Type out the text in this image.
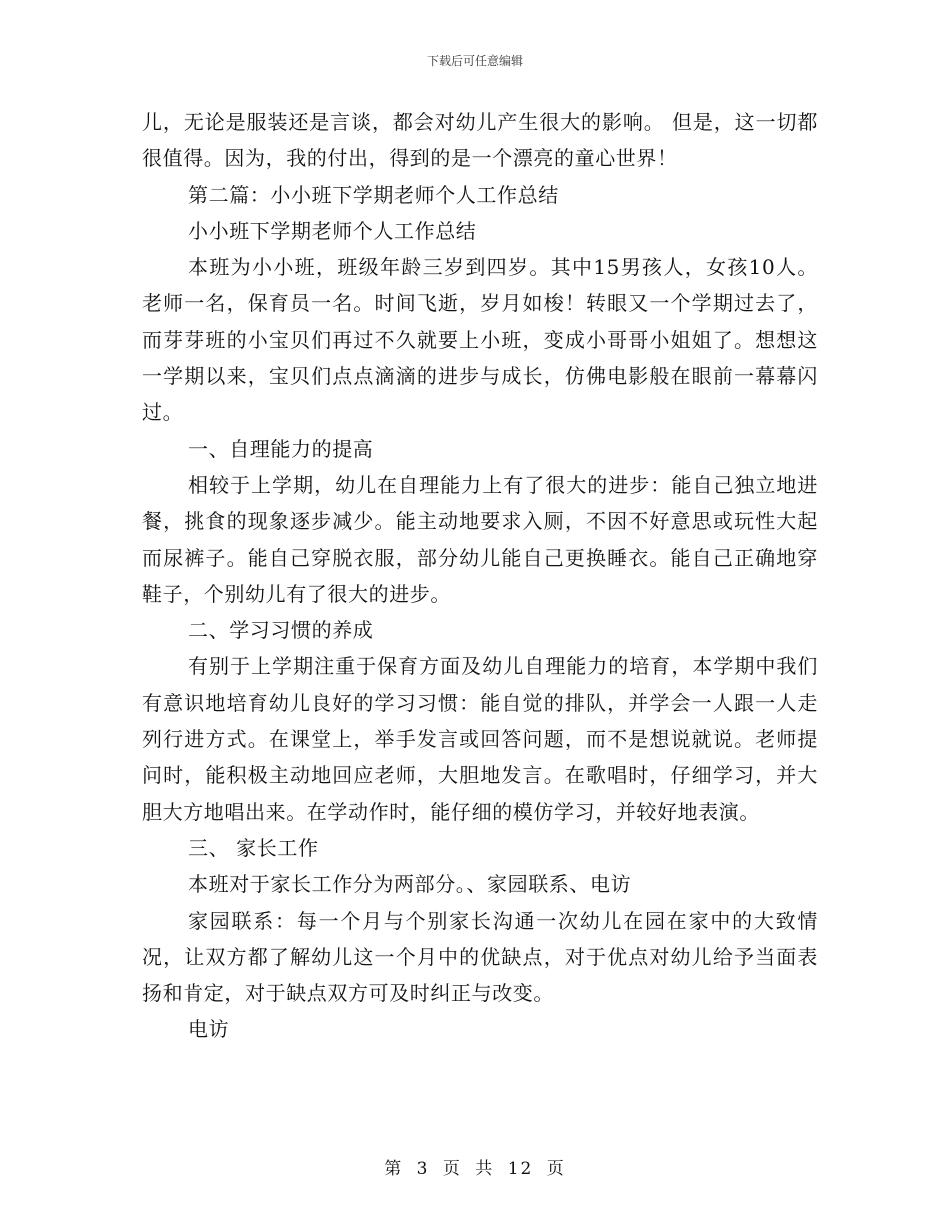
下载后可任意编辑

儿，无论是服装还是言谈，都会对幼儿产生很大的影响。 但是，这一切都很值得。因为，我的付出，得到的是一个漂亮的童心世界！

第二篇：小小班下学期老师个人工作总结

小小班下学期老师个人工作总结

本班为小小班，班级年龄三岁到四岁。其中15男孩人，女孩10人。老师一名，保育员一名。时间飞逝，岁月如梭！转眼又一个学期过去了，而芽芽班的小宝贝们再过不久就要上小班，变成小哥哥小姐姐了。想想这一学期以来，宝贝们点点滴滴的进步与成长，仿佛电影般在眼前一幕幕闪过。

一、自理能力的提高

相较于上学期，幼儿在自理能力上有了很大的进步：能自己独立地进餐，挑食的现象逐步减少。能主动地要求入厕，不因不好意思或玩性大起而尿裤子。能自己穿脱衣服，部分幼儿能自己更换睡衣。能自己正确地穿鞋子，个别幼儿有了很大的进步。

二、学习习惯的养成

有别于上学期注重于保育方面及幼儿自理能力的培育，本学期中我们有意识地培育幼儿良好的学习习惯：能自觉的排队，并学会一人跟一人走列行进方式。在课堂上，举手发言或回答问题，而不是想说就说。老师提问时，能积极主动地回应老师，大胆地发言。在歌唱时，仔细学习，并大胆大方地唱出来。在学动作时，能仔细的模仿学习，并较好地表演。

三、 家长工作

本班对于家长工作分为两部分。、家园联系、电访

家园联系：每一个月与个别家长沟通一次幼儿在园在家中的大致情况，让双方都了解幼儿这一个月中的优缺点，对于优点对幼儿给予当面表扬和肯定，对于缺点双方可及时纠正与改变。

电访

第 3 页 共 12 页
